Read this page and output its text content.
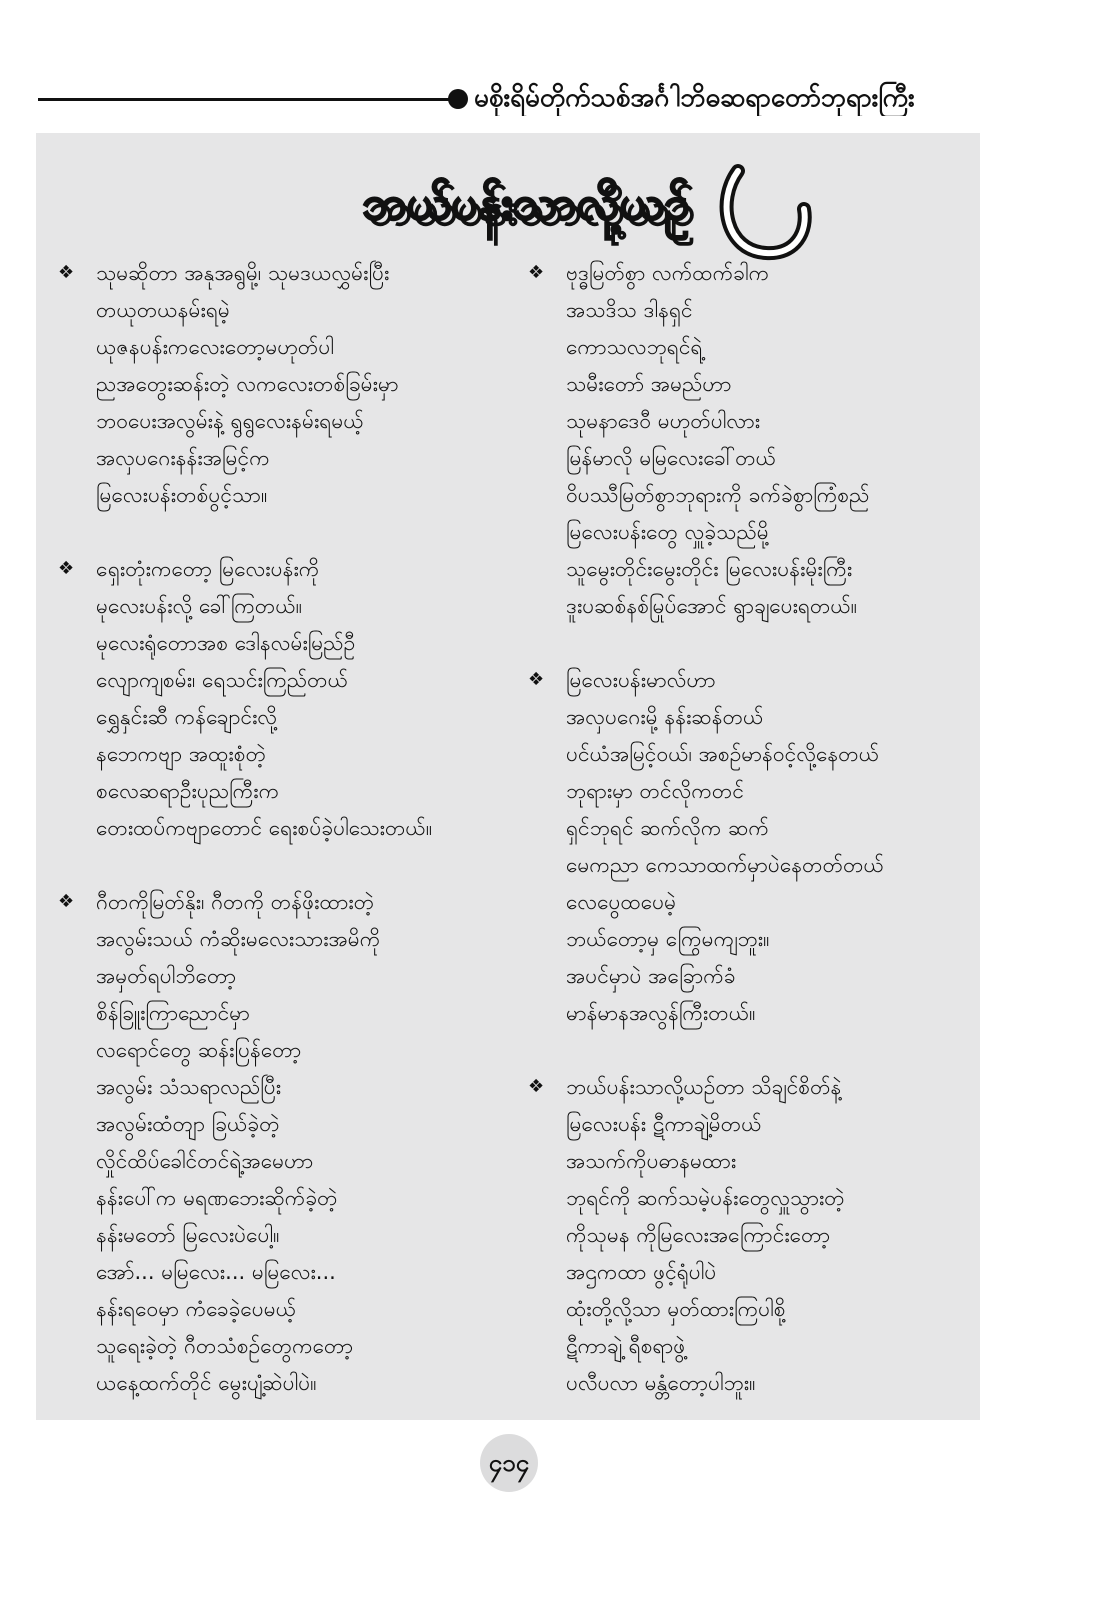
မစိုးရိမ်တိုက်သစ်အင်္ဂါဘိဓဆရာတော်ဘုရားကြီး
ဘယ်ပန်းသာလို့ယဉ်
❖ သုမဆိုတာ အနုအရွမို့၊ သုမဒယလွှမ်းပြီး
တယုတယနမ်းရမဲ့
ယုဇနပန်းကလေးတော့မဟုတ်ပါ
ညအတွေးဆန်းတဲ့ လကလေးတစ်ခြမ်းမှာ
ဘဝပေးအလွမ်းနဲ့ ရွရွလေးနမ်းရမယ့်
အလှပဂေးနန်းအမြင့်က
မြလေးပန်းတစ်ပွင့်သာ။
❖ ရှေးတုံးကတော့ မြလေးပန်းကို
မုလေးပန်းလို့ ခေါ်ကြတယ်။
မုလေးရုံတောအစ ဒေါနလမ်းမြည်ဦ
လျောကျစမ်း၊ ရေသင်းကြည်တယ်
ရွှေနှင်းဆီ ကန်ချောင်းလို့
နဘေကဗျာ အထူးစုံတဲ့
စလေဆရာဦးပုညကြီးက
တေးထပ်ကဗျာတောင် ရေးစပ်ခဲ့ပါသေးတယ်။
❖ ဂီတကိုမြတ်နိုး၊ ဂီတကို တန်ဖိုးထားတဲ့
အလွမ်းသယ် ကံဆိုးမလေးသားအမိကို
အမှတ်ရပါဘိတော့
စိန်ခြူးကြာညောင်မှာ
လရောင်တွေ ဆန်းပြန်တော့
အလွမ်း သံသရာလည်ပြီး
အလွမ်းထံတျာ ခြယ်ခဲ့တဲ့
လှိုင်ထိပ်ခေါင်တင်ရဲ့အမေဟာ
နန်းပေါ်က မရဏဘေးဆိုက်ခဲ့တဲ့
နန်းမတော် မြလေးပဲပေါ့။
အော်... မမြလေး... မမြလေး...
နန်းရဝေမှာ ကံခေခဲ့ပေမယ့်
သူရေးခဲ့တဲ့ ဂီတသံစဉ်တွေကတော့
ယနေ့ထက်တိုင် မွေးပျံ့ဆဲပါပဲ။
❖ ဗုဒ္ဓမြတ်စွာ လက်ထက်ခါက
အသဒိသ ဒါနရှင်
ကောသလဘုရင်ရဲ့
သမီးတော် အမည်ဟာ
သုမနာဒေဝီ မဟုတ်ပါလား
မြန်မာလို မမြလေးခေါ်တယ်
ဝိပဿီမြတ်စွာဘုရားကို ခက်ခဲစွာကြံစည်
မြလေးပန်းတွေ လှူခဲ့သည်မို့
သူမွေးတိုင်းမွေးတိုင်း မြလေးပန်းမိုးကြီး
ဒူးပဆစ်နစ်မြုပ်အောင် ရွာချပေးရတယ်။
❖ မြလေးပန်းမာလ်ဟာ
အလှပဂေးမို့ နန်းဆန်တယ်
ပင်ယံအမြင့်ဝယ်၊ အစဉ်မာန်ဝင့်လို့နေတယ်
ဘုရားမှာ တင်လိုကတင်
ရှင်ဘုရင် ဆက်လိုက ဆက်
မေကညာ ကေသာထက်မှာပဲနေတတ်တယ်
လေပွေထပေမဲ့
ဘယ်တော့မှ ကြွေမကျဘူး။
အပင်မှာပဲ အခြောက်ခံ
မာန်မာနအလွန်ကြီးတယ်။
❖ ဘယ်ပန်းသာလို့ယဉ်တာ သိချင်စိတ်နဲ့
မြလေးပန်း ဋီကာချဲ့မိတယ်
အသက်ကိုပဓာနမထား
ဘုရင်ကို ဆက်သမဲ့ပန်းတွေလှူသွားတဲ့
ကိုသုမန ကိုမြလေးအကြောင်းတော့
အဌကထာ ဖွင့်ရုံပါပဲ
ထုံးတို့လို့သာ မှတ်ထားကြပါစို့
ဋီကာချဲ့ ရီစရာဖွဲ့
ပလီပလာ မန္တံတော့ပါဘူး။
၄၁၄
